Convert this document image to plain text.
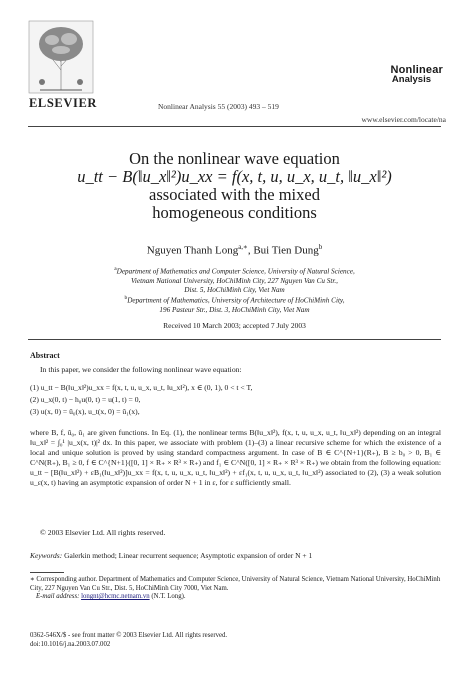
ELSEVIER	Nonlinear Analysis 55 (2003) 493 – 519
Nonlinear
Analysis
www.elsevier.com/locate/na
On the nonlinear wave equation
u_tt − B(‖u_x‖²)u_xx = f(x, t, u, u_x, u_t, ‖u_x‖²)
associated with the mixed
homogeneous conditions
Nguyen Thanh Long$^{a,∗}$, Bui Tien Dung$^b$
$^a$Department of Mathematics and Computer Science, University of Natural Science,
Vietnam National University, HoChiMinh City, 227 Nguyen Van Cu Str.,
Dist. 5, HoChiMinh City, Viet Nam
$^b$Department of Mathematics, University of Architecture of HoChiMinh City,
196 Pasteur Str., Dist. 3, HoChiMinh City, Viet Nam
Received 10 March 2003; accepted 7 July 2003
Abstract
In this paper, we consider the following nonlinear wave equation:
(1) u_tt − B(‖u_x‖²)u_xx = f(x, t, u, u_x, u_t, ‖u_x‖²), x ∈ (0, 1), 0 < t < T,
(2) u_x(0, t) − h₀u(0, t) = u(1, t) = 0,
(3) u(x, 0) = ũ₀(x), u_t(x, 0) = ũ₁(x),
where B, f, ũ₀, ũ₁ are given functions. In Eq. (1), the nonlinear terms B(‖u_x‖²), f(x, t, u, u_x, u_t, ‖u_x‖²) depending on an integral ‖u_x‖² = ∫₀¹ |u_x(x, t)|² dx. In this paper, we associate with problem (1)–(3) a linear recursive scheme for which the existence of a local and unique solution is proved by using standard compactness argument. In case of B ∈ C^{N+1}(R₊), B ≥ b₀ > 0, B₁ ∈ C^N(R₊), B₁ ≥ 0, f ∈ C^{N+1}([0, 1] × R₊ × R³ × R₊) and f₁ ∈ C^N([0, 1] × R₊ × R³ × R₊) we obtain from the following equation: u_tt − [B(‖u_x‖²) + εB₁(‖u_x‖²)]u_xx = f(x, t, u, u_x, u_t, ‖u_x‖²) + εf₁(x, t, u, u_x, u_t, ‖u_x‖²) associated to (2), (3) a weak solution u_ε(x, t) having an asymptotic expansion of order N + 1 in ε, for ε sufficiently small.
© 2003 Elsevier Ltd. All rights reserved.
Keywords: Galerkin method; Linear recurrent sequence; Asymptotic expansion of order N + 1
∗ Corresponding author. Department of Mathematics and Computer Science, University of Natural Science, Vietnam National University, HoChiMinh City, 227 Nguyen Van Cu Str., Dist. 5, HoChiMinh City 7000, Viet Nam.
E-mail address: longnt@hcmc.netnam.vn (N.T. Long).
0362-546X/$ - see front matter © 2003 Elsevier Ltd. All rights reserved.
doi:10.1016/j.na.2003.07.002
